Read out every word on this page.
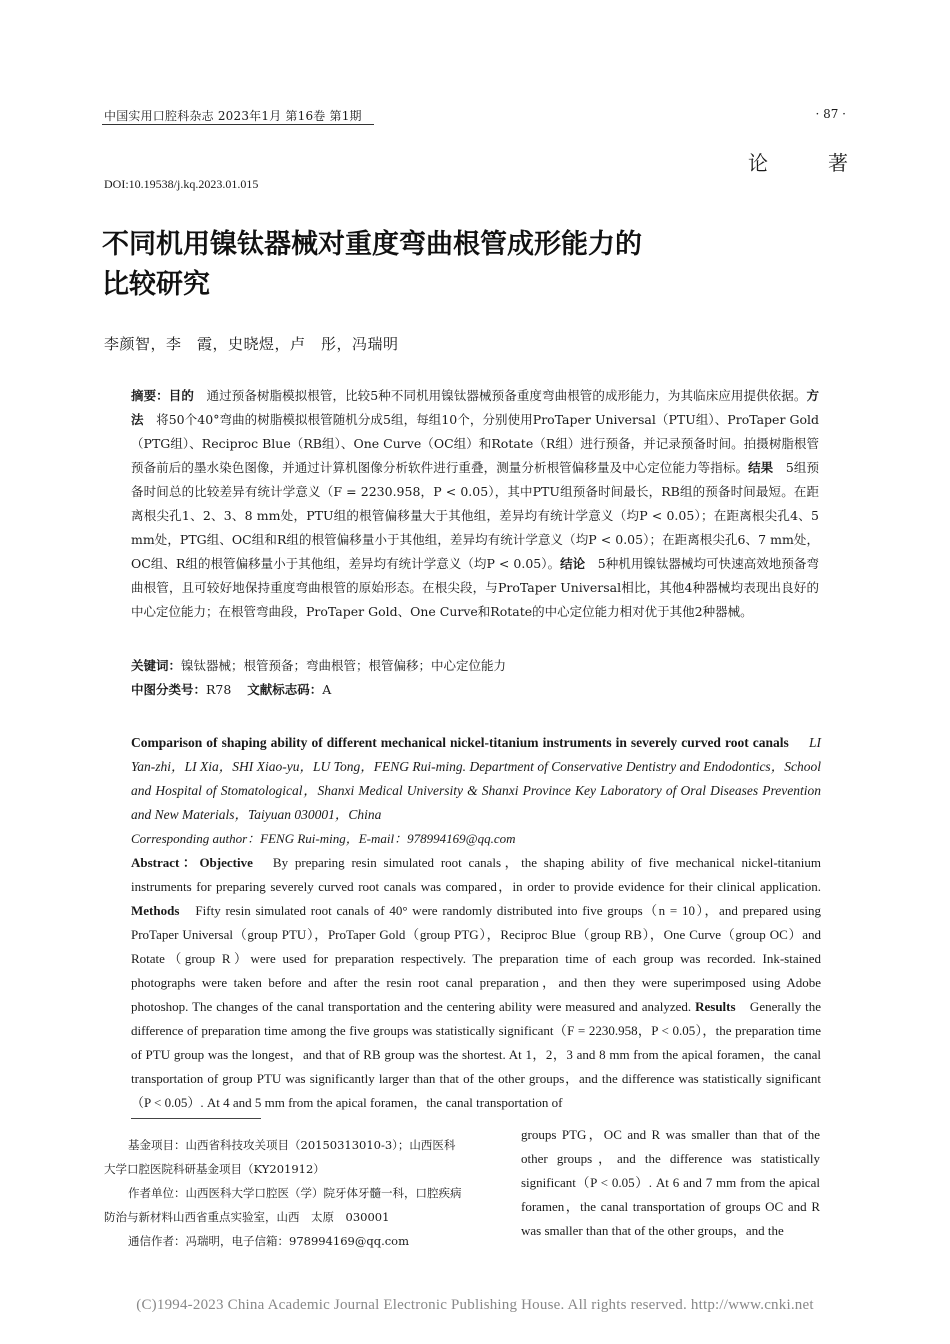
中国实用口腔科杂志 2023年1月 第16卷 第1期	· 87 ·
论著
DOI:10.19538/j.kq.2023.01.015
不同机用镍钛器械对重度弯曲根管成形能力的
比较研究
李颜智，李　霞，史晓煜，卢　彤，冯瑞明
摘要：目的　通过预备树脂模拟根管，比较5种不同机用镍钛器械预备重度弯曲根管的成形能力，为其临床应用提供依据。方法　将50个40°弯曲的树脂模拟根管随机分成5组，每组10个，分别使用ProTaper Universal（PTU组）、ProTaper Gold（PTG组）、Reciproc Blue（RB组）、One Curve（OC组）和Rotate（R组）进行预备，并记录预备时间。拍摄树脂根管预备前后的墨水染色图像，并通过计算机图像分析软件进行重叠，测量分析根管偏移量及中心定位能力等指标。结果　5组预备时间总的比较差异有统计学意义（F = 2230.958，P < 0.05），其中PTU组预备时间最长，RB组的预备时间最短。在距离根尖孔1、2、3、8 mm处，PTU组的根管偏移量大于其他组，差异均有统计学意义（均P < 0.05）；在距离根尖孔4、5 mm处，PTG组、OC组和R组的根管偏移量小于其他组，差异均有统计学意义（均P < 0.05）；在距离根尖孔6、7 mm处，OC组、R组的根管偏移量小于其他组，差异均有统计学意义（均P < 0.05）。结论　5种机用镍钛器械均可快速高效地预备弯曲根管，且可较好地保持重度弯曲根管的原始形态。在根尖段，与ProTaper Universal相比，其他4种器械均表现出良好的中心定位能力；在根管弯曲段，ProTaper Gold、One Curve和Rotate的中心定位能力相对优于其他2种器械。
关键词：镍钛器械；根管预备；弯曲根管；根管偏移；中心定位能力
中图分类号：R78 文献标志码：A
Comparison of shaping ability of different mechanical nickel-titanium instruments in severely curved root canals LI Yan-zhi，LI Xia，SHI Xiao-yu，LU Tong，FENG Rui-ming. Department of Conservative Dentistry and Endodontics，School and Hospital of Stomatological，Shanxi Medical University & Shanxi Province Key Laboratory of Oral Diseases Prevention and New Materials，Taiyuan 030001，China
Corresponding author：FENG Rui-ming，E-mail：978994169@qq.com
Abstract：Objective　By preparing resin simulated root canals，the shaping ability of five mechanical nickel-titanium instruments for preparing severely curved root canals was compared，in order to provide evidence for their clinical application. Methods　Fifty resin simulated root canals of 40° were randomly distributed into five groups（n = 10），and prepared using ProTaper Universal（group PTU），ProTaper Gold（group PTG），Reciproc Blue（group RB），One Curve（group OC）and Rotate（group R）were used for preparation respectively. The preparation time of each group was recorded. Ink-stained photographs were taken before and after the resin root canal preparation，and then they were superimposed using Adobe photoshop. The changes of the canal transportation and the centering ability were measured and analyzed. Results　Generally the difference of preparation time among the five groups was statistically significant（F = 2230.958，P < 0.05），the preparation time of PTU group was the longest，and that of RB group was the shortest. At 1，2，3 and 8 mm from the apical foramen，the canal transportation of group PTU was significantly larger than that of the other groups，and the difference was statistically significant（P < 0.05）. At 4 and 5 mm from the apical foramen，the canal transportation of
基金项目：山西省科技攻关项目（20150313010-3）；山西医科大学口腔医院科研基金项目（KY201912）
作者单位：山西医科大学口腔医（学）院牙体牙髓一科，口腔疾病防治与新材料山西省重点实验室，山西　太原　030001
通信作者：冯瑞明，电子信箱：978994169@qq.com
groups PTG，OC and R was smaller than that of the other groups，and the difference was statistically significant（P < 0.05）. At 6 and 7 mm from the apical foramen，the canal transportation of groups OC and R was smaller than that of the other groups，and the
(C)1994-2023 China Academic Journal Electronic Publishing House. All rights reserved. http://www.cnki.net
